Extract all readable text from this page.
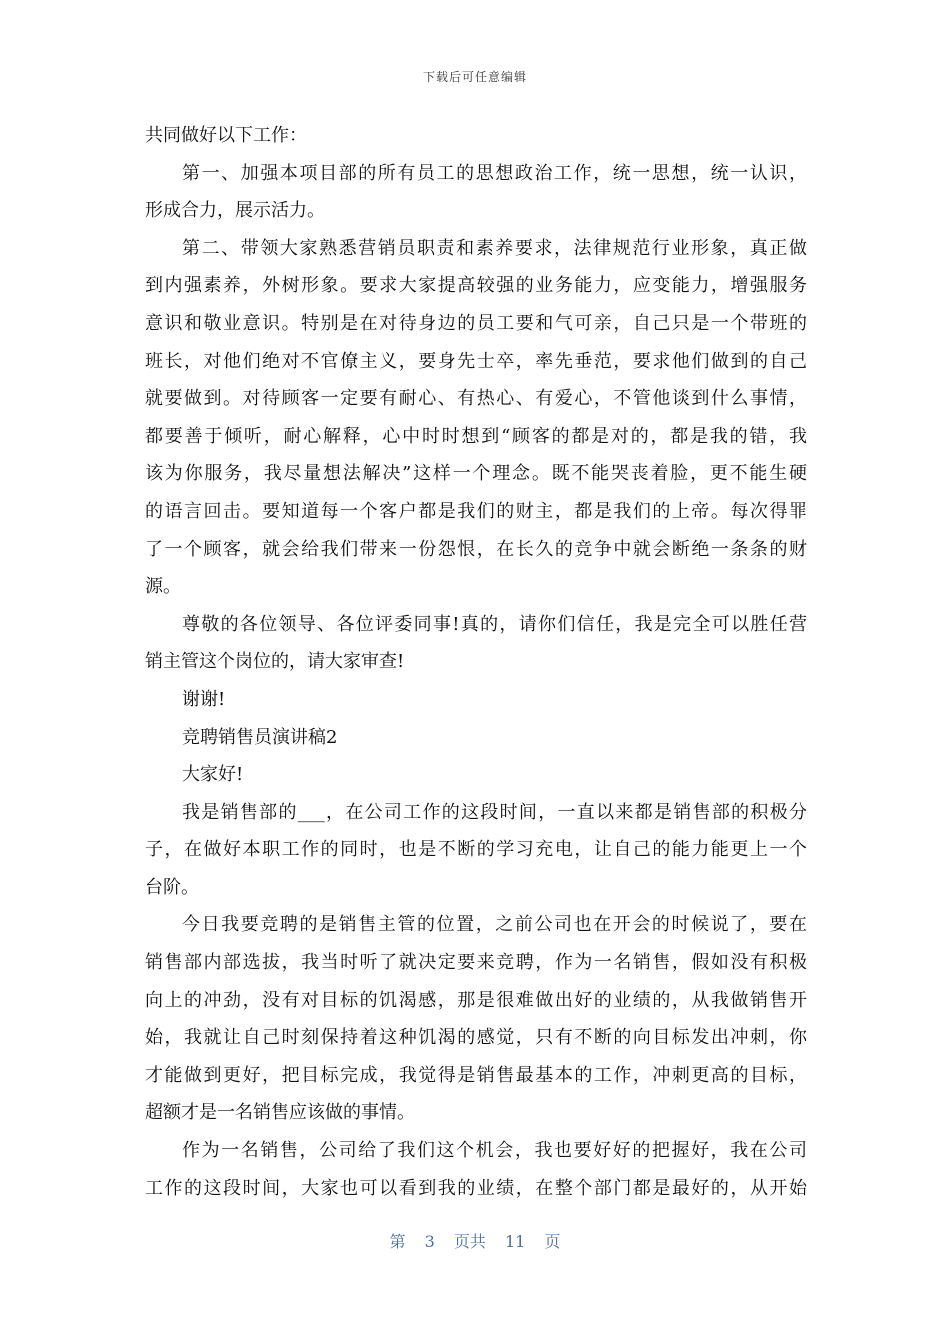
下载后可任意编辑
共同做好以下工作：
第一、加强本项目部的所有员工的思想政治工作，统一思想，统一认识，
形成合力，展示活力。
第二、带领大家熟悉营销员职责和素养要求，法律规范行业形象，真正做
到内强素养，外树形象。要求大家提高较强的业务能力，应变能力，增强服务
意识和敬业意识。特别是在对待身边的员工要和气可亲，自己只是一个带班的
班长，对他们绝对不官僚主义，要身先士卒，率先垂范，要求他们做到的自己
就要做到。对待顾客一定要有耐心、有热心、有爱心，不管他谈到什么事情，
都要善于倾听，耐心解释，心中时时想到“顾客的都是对的，都是我的错，我
该为你服务，我尽量想法解决”这样一个理念。既不能哭丧着脸，更不能生硬
的语言回击。要知道每一个客户都是我们的财主，都是我们的上帝。每次得罪
了一个顾客，就会给我们带来一份怨恨，在长久的竞争中就会断绝一条条的财
源。
尊敬的各位领导、各位评委同事!真的，请你们信任，我是完全可以胜任营
销主管这个岗位的，请大家审查!
谢谢!
竞聘销售员演讲稿2
大家好!
我是销售部的___，在公司工作的这段时间，一直以来都是销售部的积极分
子，在做好本职工作的同时，也是不断的学习充电，让自己的能力能更上一个
台阶。
今日我要竞聘的是销售主管的位置，之前公司也在开会的时候说了，要在
销售部内部选拔，我当时听了就决定要来竞聘，作为一名销售，假如没有积极
向上的冲劲，没有对目标的饥渴感，那是很难做出好的业绩的，从我做销售开
始，我就让自己时刻保持着这种饥渴的感觉，只有不断的向目标发出冲刺，你
才能做到更好，把目标完成，我觉得是销售最基本的工作，冲刺更高的目标，
超额才是一名销售应该做的事情。
作为一名销售，公司给了我们这个机会，我也要好好的把握好，我在公司
工作的这段时间，大家也可以看到我的业绩，在整个部门都是最好的，从开始
第 3 页共 11 页
